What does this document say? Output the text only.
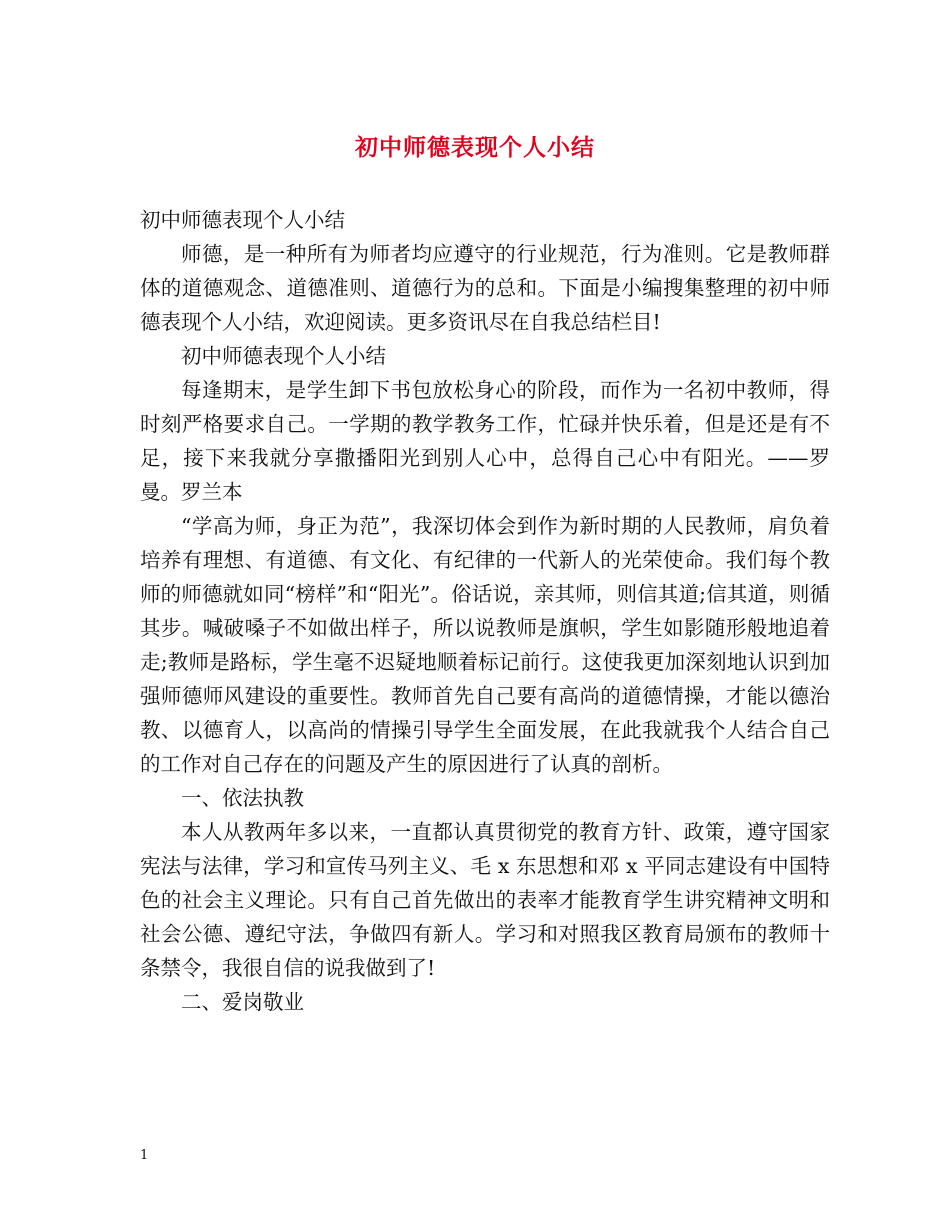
初中师德表现个人小结

初中师德表现个人小结

师德，是一种所有为师者均应遵守的行业规范，行为准则。它是教师群体的道德观念、道德准则、道德行为的总和。下面是小编搜集整理的初中师德表现个人小结，欢迎阅读。更多资讯尽在自我总结栏目!

初中师德表现个人小结

每逢期末，是学生卸下书包放松身心的阶段，而作为一名初中教师，得时刻严格要求自己。一学期的教学教务工作，忙碌并快乐着，但是还是有不足，接下来我就分享撒播阳光到别人心中，总得自己心中有阳光。——罗曼。罗兰本

“学高为师，身正为范”，我深切体会到作为新时期的人民教师，肩负着培养有理想、有道德、有文化、有纪律的一代新人的光荣使命。我们每个教师的师德就如同“榜样”和“阳光”。俗话说，亲其师，则信其道;信其道，则循其步。喊破嗓子不如做出样子，所以说教师是旗帜，学生如影随形般地追着走;教师是路标，学生毫不迟疑地顺着标记前行。这使我更加深刻地认识到加强师德师风建设的重要性。教师首先自己要有高尚的道德情操，才能以德治教、以德育人，以高尚的情操引导学生全面发展，在此我就我个人结合自己的工作对自己存在的问题及产生的原因进行了认真的剖析。

一、依法执教

本人从教两年多以来，一直都认真贯彻党的教育方针、政策，遵守国家宪法与法律，学习和宣传马列主义、毛 x 东思想和邓 x 平同志建设有中国特色的社会主义理论。只有自己首先做出的表率才能教育学生讲究精神文明和社会公德、遵纪守法，争做四有新人。学习和对照我区教育局颁布的教师十条禁令，我很自信的说我做到了!

二、爱岗敬业

1
